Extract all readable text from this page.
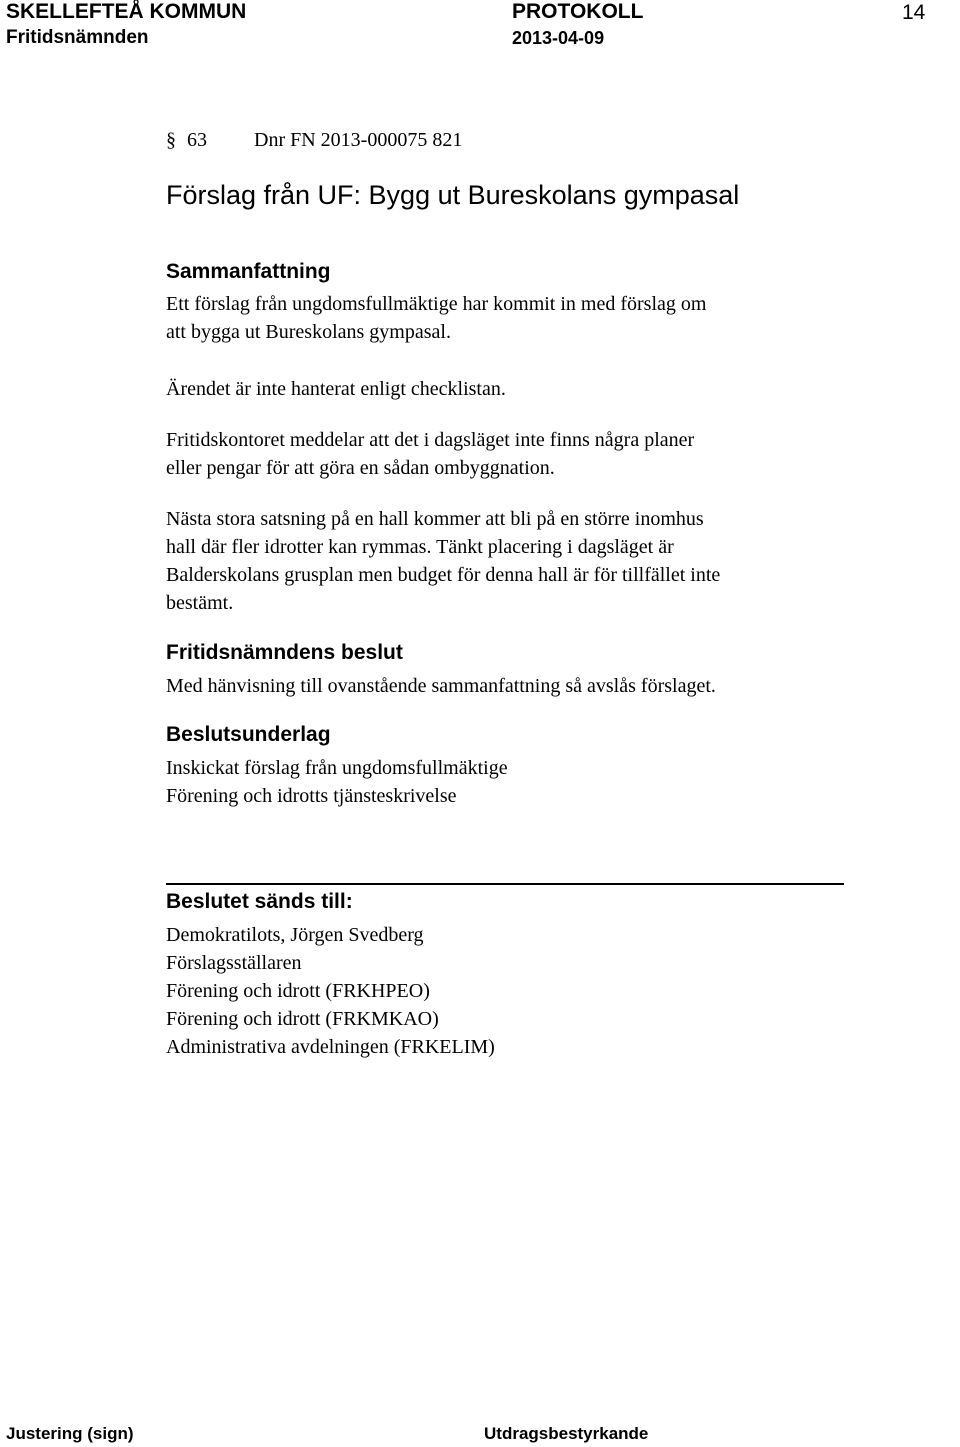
SKELLEFTEÅ KOMMUN	PROTOKOLL	14
Fritidsnämnden	2013-04-09
§ 63 Dnr FN 2013-000075 821
Förslag från UF: Bygg ut Bureskolans gympasal
Sammanfattning
Ett förslag från ungdomsfullmäktige har kommit in med förslag om
att bygga ut Bureskolans gympasal.
Ärendet är inte hanterat enligt checklistan.
Fritidskontoret meddelar att det i dagsläget inte finns några planer
eller pengar för att göra en sådan ombyggnation.
Nästa stora satsning på en hall kommer att bli på en större inomhus
hall där fler idrotter kan rymmas. Tänkt placering i dagsläget är
Balderskolans grusplan men budget för denna hall är för tillfället inte
bestämt.
Fritidsnämndens beslut
Med hänvisning till ovanstående sammanfattning så avslås förslaget.
Beslutsunderlag
Inskickat förslag från ungdomsfullmäktige
Förening och idrotts tjänsteskrivelse
Beslutet sänds till:
Demokratilots, Jörgen Svedberg
Förslagsställaren
Förening och idrott (FRKHPEO)
Förening och idrott (FRKMKAO)
Administrativa avdelningen (FRKELIM)
Justering (sign)	Utdragsbestyrkande
